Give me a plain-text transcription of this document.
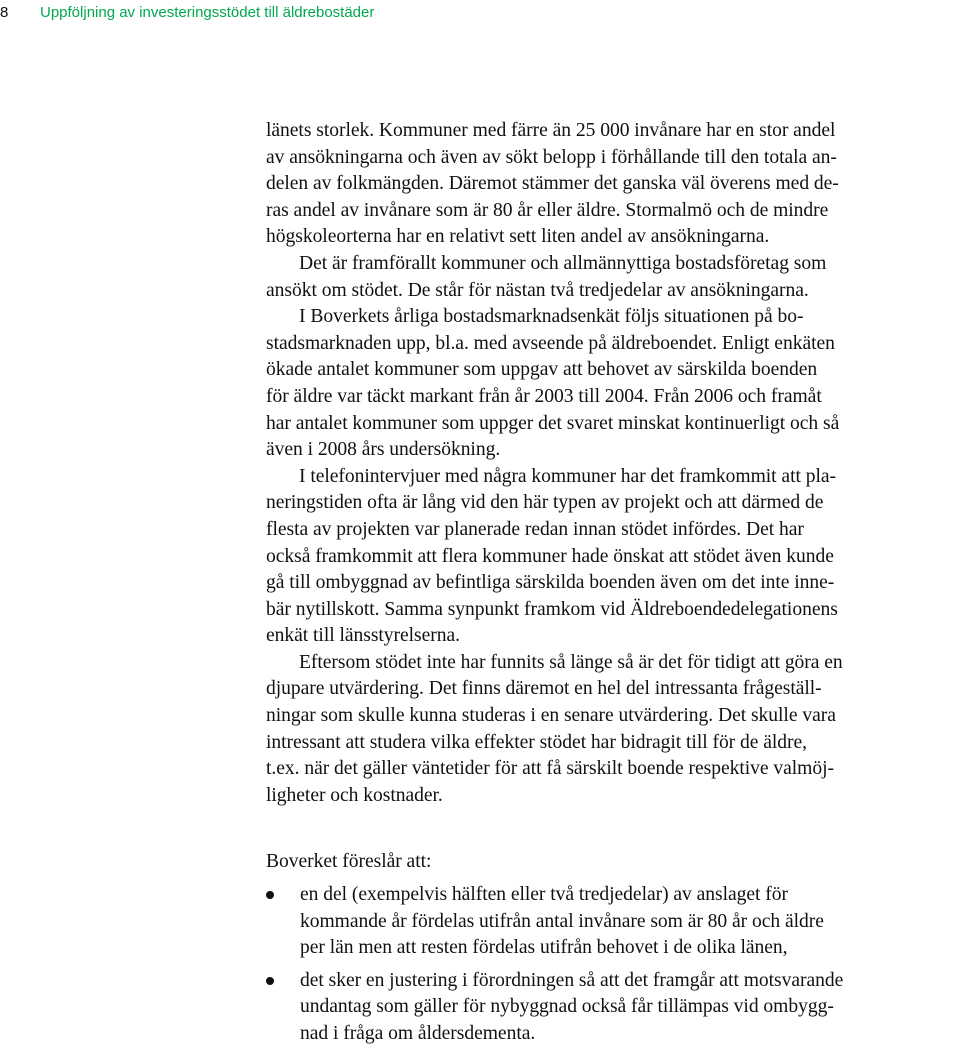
8 Uppföljning av investeringsstödet till äldrebostäder

länets storlek. Kommuner med färre än 25 000 invånare har en stor andel
av ansökningarna och även av sökt belopp i förhållande till den totala an-
delen av folkmängden. Däremot stämmer det ganska väl överens med de-
ras andel av invånare som är 80 år eller äldre. Stormalmö och de mindre
högskoleorterna har en relativt sett liten andel av ansökningarna.

Det är framförallt kommuner och allmännyttiga bostadsföretag som
ansökt om stödet. De står för nästan två tredjedelar av ansökningarna.

I Boverkets årliga bostadsmarknadsenkät följs situationen på bo-
stadsmarknaden upp, bl.a. med avseende på äldreboendet. Enligt enkäten
ökade antalet kommuner som uppgav att behovet av särskilda boenden
för äldre var täckt markant från år 2003 till 2004. Från 2006 och framåt
har antalet kommuner som uppger det svaret minskat kontinuerligt och så
även i 2008 års undersökning.

I telefonintervjuer med några kommuner har det framkommit att pla-
neringstiden ofta är lång vid den här typen av projekt och att därmed de
flesta av projekten var planerade redan innan stödet infördes. Det har
också framkommit att flera kommuner hade önskat att stödet även kunde
gå till ombyggnad av befintliga särskilda boenden även om det inte inne-
bär nytillskott. Samma synpunkt framkom vid Äldreboendedelegationens
enkät till länsstyrelserna.

Eftersom stödet inte har funnits så länge så är det för tidigt att göra en
djupare utvärdering. Det finns däremot en hel del intressanta frågeställ-
ningar som skulle kunna studeras i en senare utvärdering. Det skulle vara
intressant att studera vilka effekter stödet har bidragit till för de äldre,
t.ex. när det gäller väntetider för att få särskilt boende respektive valmöj-
ligheter och kostnader.

Boverket föreslår att:

en del (exempelvis hälften eller två tredjedelar) av anslaget för
kommande år fördelas utifrån antal invånare som är 80 år och äldre
per län men att resten fördelas utifrån behovet i de olika länen,
det sker en justering i förordningen så att det framgår att motsvarande
undantag som gäller för nybyggnad också får tillämpas vid ombygg-
nad i fråga om åldersdementa.
